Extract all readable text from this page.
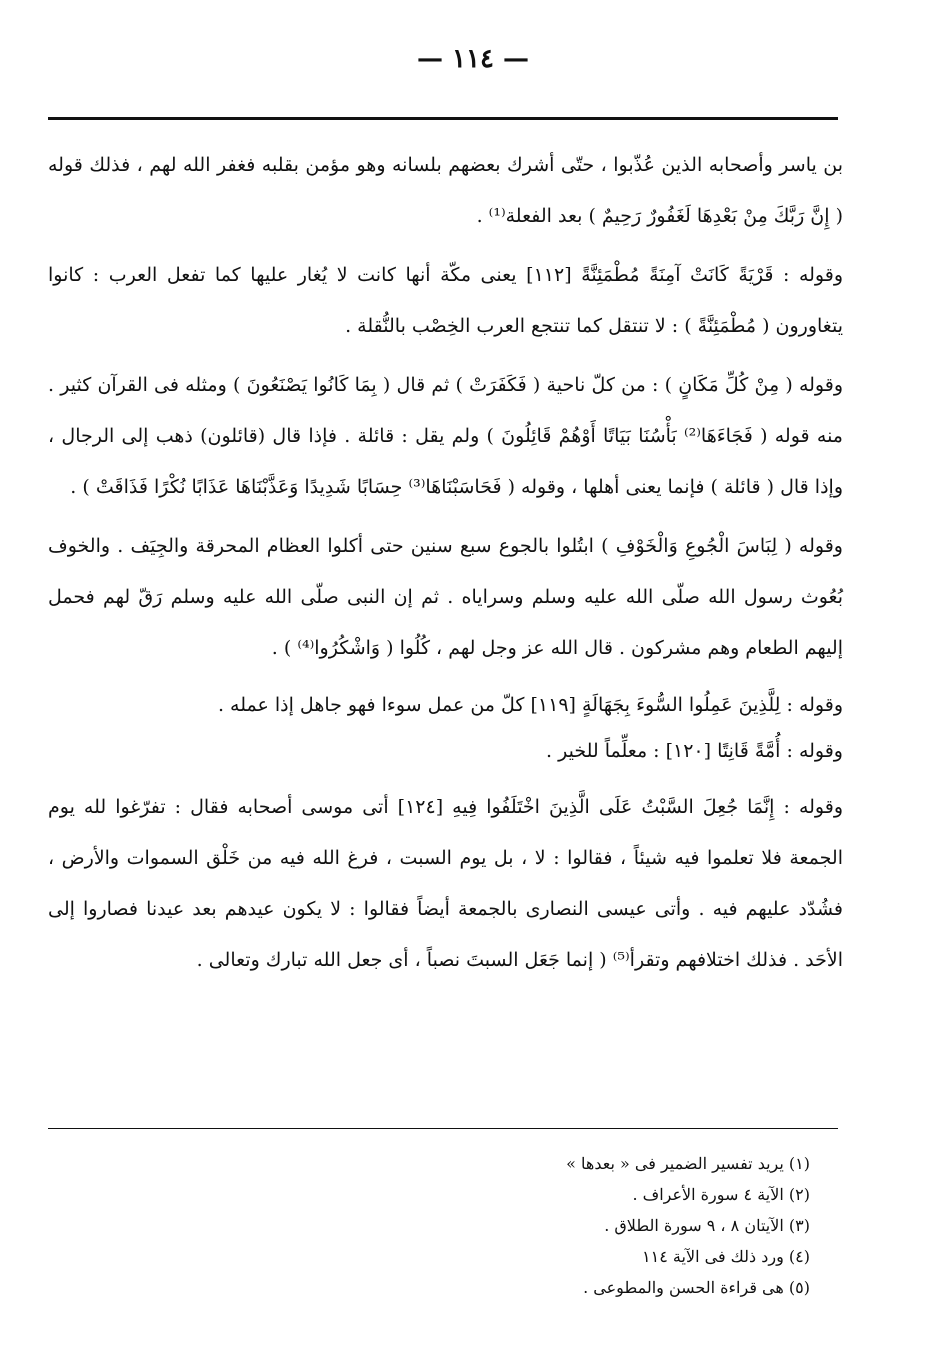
— ١١٤ —

بن ياسر وأصحابه الذين عُذّبوا ، حتّى أشرك بعضهم بلسانه وهو مؤمن بقلبه فغفر الله لهم ، فذلك قوله ( إِنَّ رَبَّكَ مِنْ بَعْدِهَا لَغَفُورٌ رَحِيمٌ ) بعد الفعلة⁽¹⁾ .

وقوله : قَرْيَةً كَانَتْ آمِنَةً مُطْمَئِنَّةً [١١٢] يعنى مكّة أنها كانت لا يُغار عليها كما تفعل العرب : كانوا يتغاورون ( مُطْمَئِنَّةً ) : لا تنتقل كما تنتجع العرب الخِصْب بالنُّقلة .

وقوله ( مِنْ كُلِّ مَكَانٍ ) : من كلّ ناحية ( فَكَفَرَتْ ) ثم قال ( بِمَا كَانُوا يَصْنَعُونَ ) ومثله فى القرآن كثير . منه قوله ( فَجَاءَهَا⁽²⁾ بَأْسُنَا بَيَاتًا أَوْهُمْ قَائِلُونَ ) ولم يقل : قائلة . فإذا قال (قائلون) ذهب إلى الرجال ، وإذا قال ( قائلة ) فإنما يعنى أهلها ، وقوله ( فَحَاسَبْنَاهَا⁽³⁾ حِسَابًا شَدِيدًا وَعَذَّبْنَاهَا عَذَابًا نُكْرًا فَذَاقَتْ ) .

وقوله ( لِبَاسَ الْجُوعِ وَالْخَوْفِ ) ابتُلوا بالجوع سبع سنين حتى أكلوا العظام المحرقة والجِيَف . والخوف بُعُوث رسول الله صلّى الله عليه وسلم وسراياه . ثم إن النبى صلّى الله عليه وسلم رَقّ لهم فحمل إليهم الطعام وهم مشركون . قال الله عز وجل لهم ، كُلُوا ( وَاشْكُرُوا⁽⁴⁾ ) .

وقوله : لِلَّذِينَ عَمِلُوا السُّوءَ بِجَهَالَةٍ [١١٩] كلّ من عمل سوءا فهو جاهل إذا عمله .

وقوله : أُمَّةً قَانِتًا [١٢٠] : معلِّماً للخير .

وقوله : إِنَّمَا جُعِلَ السَّبْتُ عَلَى الَّذِينَ اخْتَلَفُوا فِيهِ [١٢٤] أتى موسى أصحابه فقال : تفرّغوا لله يوم الجمعة فلا تعلموا فيه شيئاً ، فقالوا : لا ، بل يوم السبت ، فرغ الله فيه من خَلْق السموات والأرض ، فشُدّد عليهم فيه . وأتى عيسى النصارى بالجمعة أيضاً فقالوا : لا يكون عيدهم بعد عيدنا فصاروا إلى الأحَد . فذلك اختلافهم وتقرأ⁽⁵⁾ ( إنما جَعَل السبتَ نصباً ، أى جعل الله تبارك وتعالى .

(١) يريد تفسير الضمير فى « بعدها »
(٢) الآية ٤ سورة الأعراف .
(٣) الآيتان ٨ ، ٩ سورة الطلاق .
(٤) ورد ذلك فى الآية ١١٤
(٥) هى قراءة الحسن والمطوعى .
